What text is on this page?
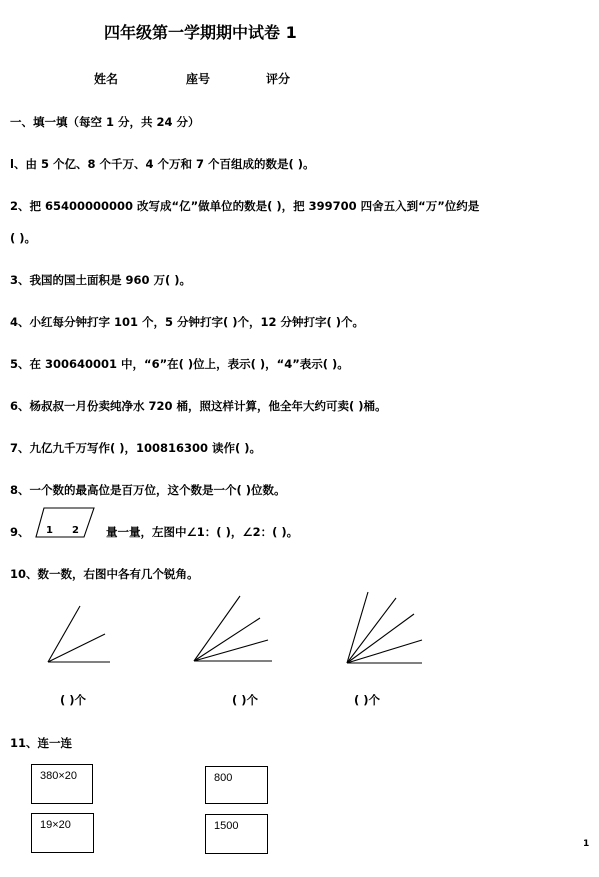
四年级第一学期期中试卷 1
姓名	座号	评分
一、填一填（每空 1 分，共 24 分）
l、由 5 个亿、8 个千万、4 个万和 7 个百组成的数是( )。
2、把 65400000000 改写成“亿”做单位的数是( )，把 399700 四舍五入到“万”位约是
( )。
3、我国的国土面积是 960 万( )。
4、小红每分钟打字 101 个，5 分钟打字( )个，12 分钟打字( )个。
5、在 300640001 中，“6”在( )位上，表示( )，“4”表示( )。
6、杨叔叔一月份卖纯净水 720 桶，照这样计算，他全年大约可卖( )桶。
7、九亿九千万写作( )，100816300 读作( )。
8、一个数的最高位是百万位，这个数是一个( )位数。
9、 1 2 量一量，左图中∠1：( )，∠2：( )。
10、数一数，右图中各有几个锐角。
( )个	( )个	( )个
11、连一连
380×20
19×20
800
1500
1
